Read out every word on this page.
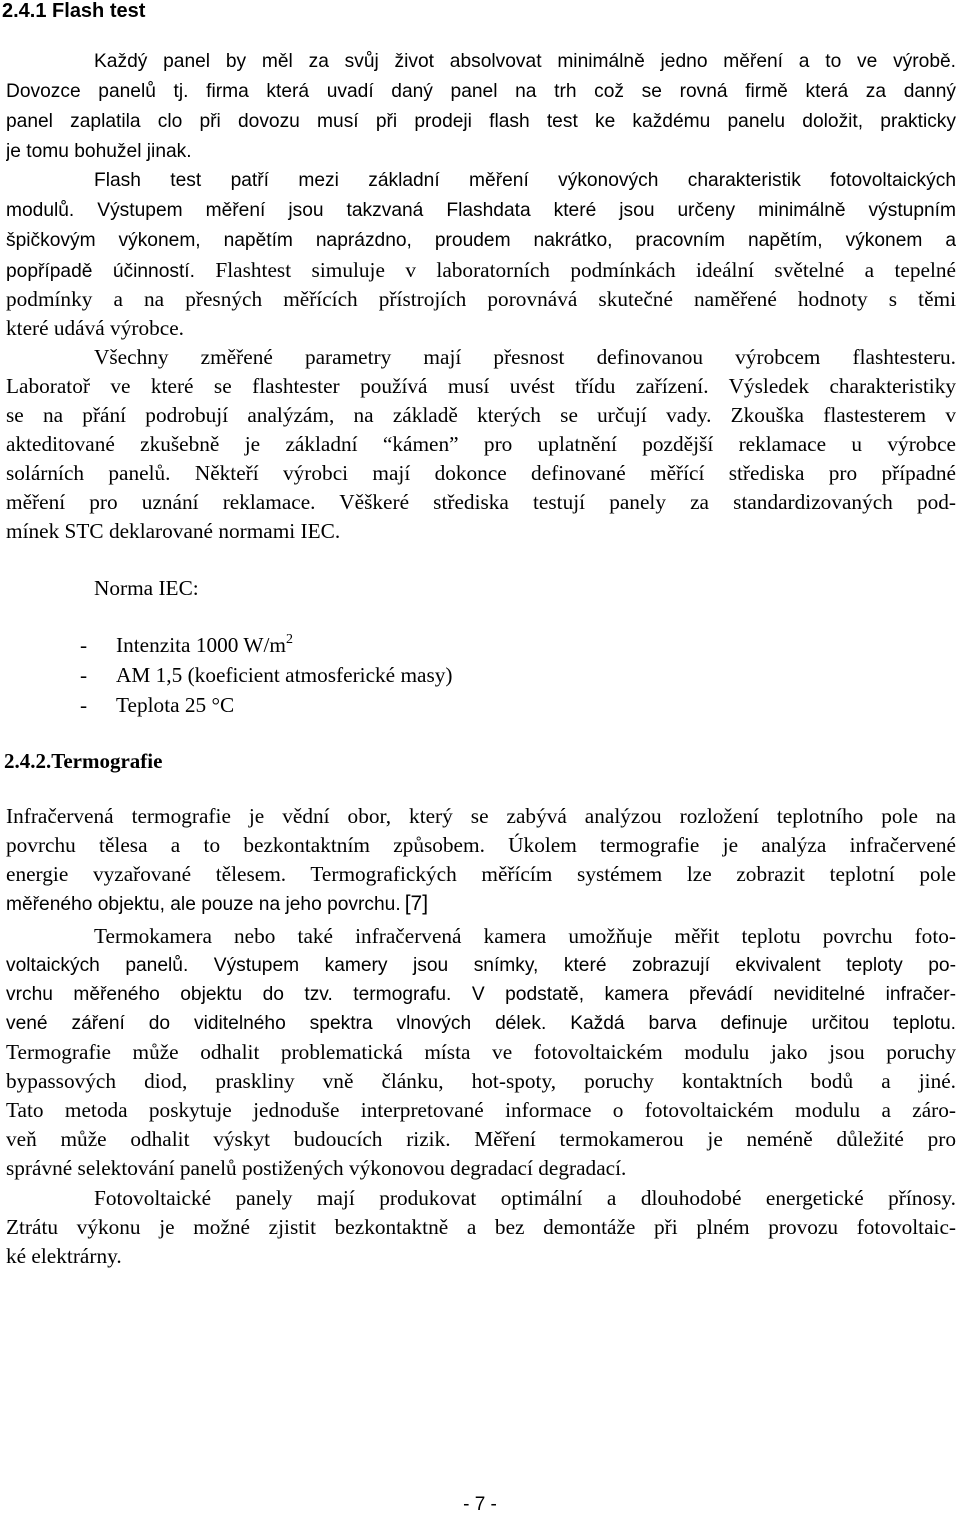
2.4.1 Flash test
Každý panel by měl za svůj život absolvovat minimálně jedno měření a to ve výrobě.
Dovozce panelů tj. firma která uvadí daný panel na trh což se rovná firmě která za danný
panel zaplatila clo při dovozu musí při prodeji flash test ke každému panelu doložit, prakticky
je tomu bohužel jinak.
Flash test patří mezi základní měření výkonových charakteristik fotovoltaických
modulů. Výstupem měření jsou takzvaná Flashdata které jsou určeny minimálně výstupním
špičkovým výkonem, napětím naprázdno, proudem nakrátko, pracovním napětím, výkonem a
popřípadě účinností. Flashtest simuluje v laboratorních podmínkách ideální světelné a tepelné
podmínky a na přesných měřících přístrojích porovnává skutečné naměřené hodnoty s těmi
které udává výrobce.
Všechny změřené parametry mají přesnost definovanou výrobcem flashtesteru.
Laboratoř ve které se flashtester používá musí uvést třídu zařízení. Výsledek charakteristiky
se na přání podrobují analýzám, na základě kterých se určují vady. Zkouška flastesterem v
akteditované zkušebně je základní “kámen” pro uplatnění pozdější reklamace u výrobce
solárních panelů. Někteří výrobci mají dokonce definované měřící střediska pro případné
měření pro uznání reklamace. Věškeré střediska testují panely za standardizovaných pod-
mínek STC deklarované normami IEC.
Norma IEC:
- Intenzita 1000 $W/m^2$
- AM 1,5 (koeficient atmosferické masy)
- Teplota 25 °C
2.4.2.Termografie
Infračervená termografie je vědní obor, který se zabývá analýzou rozložení teplotního pole na
povrchu tělesa a to bezkontaktním způsobem. Úkolem termografie je analýza infračervené
energie vyzařované tělesem. Termografických měřícím systémem lze zobrazit teplotní pole
měřeného objektu, ale pouze na jeho povrchu. [7]
Termokamera nebo také infračervená kamera umožňuje měřit teplotu povrchu foto-
voltaických panelů. Výstupem kamery jsou snímky, které zobrazují ekvivalent teploty po-
vrchu měřeného objektu do tzv. termografu. V podstatě, kamera převádí neviditelné infračer-
vené záření do viditelného spektra vlnových délek. Každá barva definuje určitou teplotu.
Termografie může odhalit problematická místa ve fotovoltaickém modulu jako jsou poruchy
bypassových diod, praskliny vně článku, hot-spoty, poruchy kontaktních bodů a jiné.
Tato metoda poskytuje jednoduše interpretované informace o fotovoltaickém modulu a záro-
veň může odhalit výskyt budoucích rizik. Měření termokamerou je neméně důležité pro
správné selektování panelů postižených výkonovou degradací degradací.
Fotovoltaické panely mají produkovat optimální a dlouhodobé energetické přínosy.
Ztrátu výkonu je možné zjistit bezkontaktně a bez demontáže při plném provozu fotovoltaic-
ké elektrárny.
- 7 -
